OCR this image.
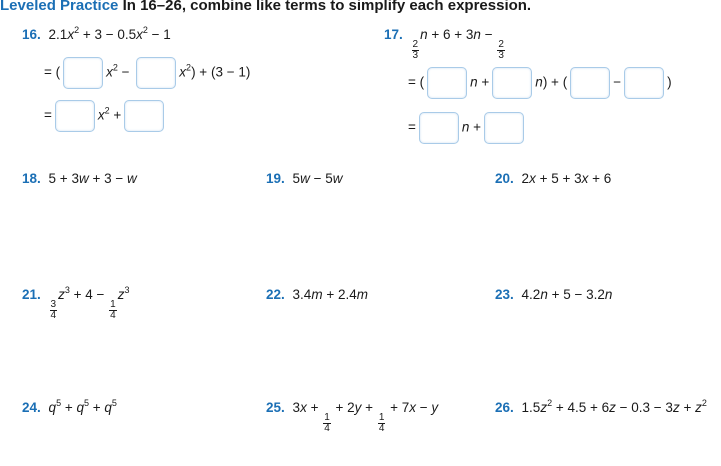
Leveled Practice In 16–26, combine like terms to simplify each expression.
16. $2.1x^2 + 3 - 0.5x^2 - 1$
= (	$x^2$ −	$x^2) + (3 - 1)$
=	$x^2$ +
17.
$\frac{2}{3}$
n + 6 + 3n −
$\frac{2}{3}$
= (	n +	n) + (	−	)
=	n +
18. 5 + 3w + 3 − w	19. 5w − 5w	20. 2x + 5 + 3x + 6
21.
$\frac{3}{4}$
$z^3 + 4$ −
$\frac{1}{4}$
$z^3$	22. 3.4m + 2.4m	23. 4.2n + 5 − 3.2n
24. $q^5 + q^5 + q^5$	25. 3x +
$\frac{1}{4}$
+ 2y +
$\frac{1}{4}$
+ 7x − y	26. $1.5z^2 + 4.5 + 6z - 0.3 - 3z + z^2$
